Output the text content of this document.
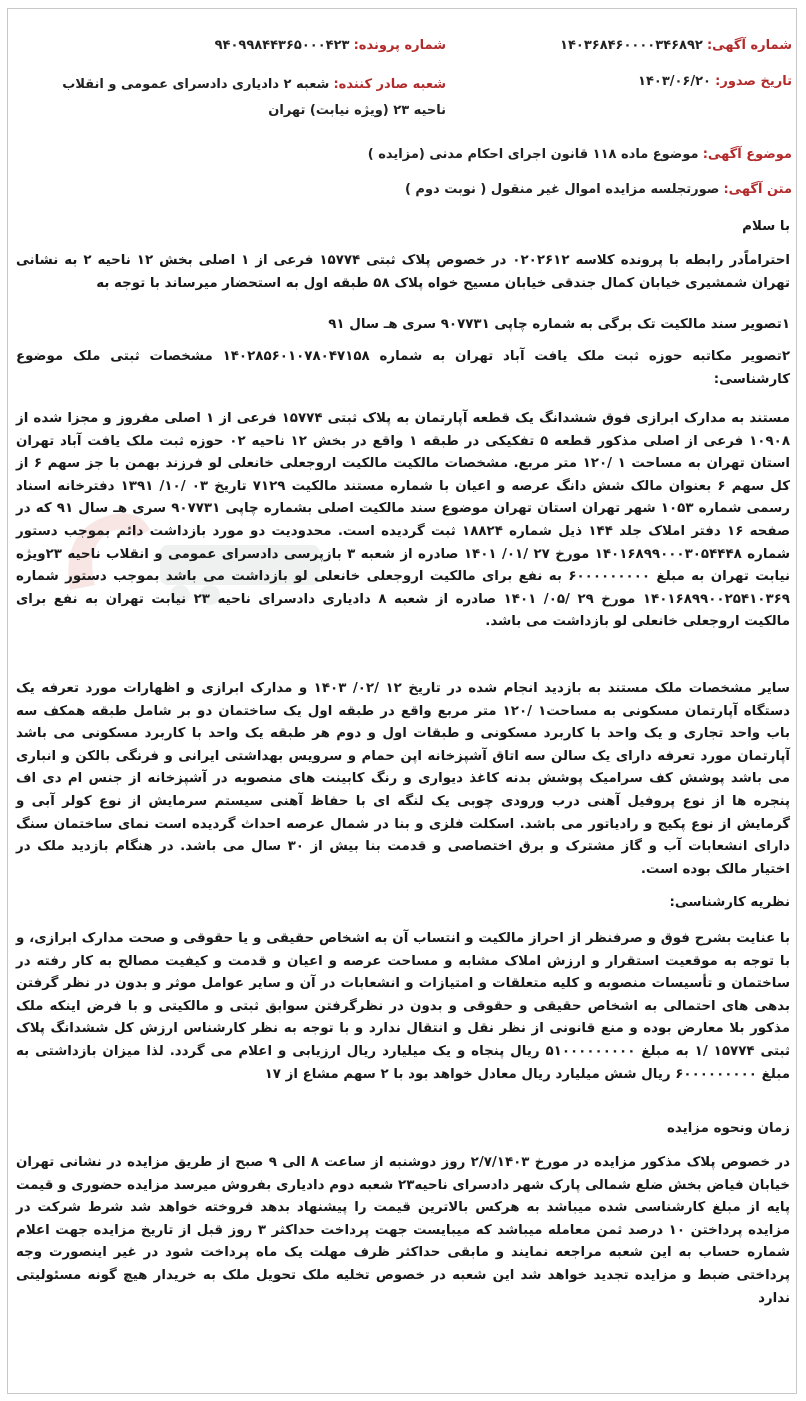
شماره آگهی: ۱۴۰۳۶۸۴۶۰۰۰۰۳۴۶۸۹۲
شماره پرونده: ۹۴۰۹۹۸۴۴۳۶۵۰۰۰۴۲۳
تاریخ صدور: ۱۴۰۳/۰۶/۲۰
شعبه صادر کننده: شعبه ۲ دادیاری دادسرای عمومی و انقلاب ناحیه ۲۳ (ویژه نیابت) تهران
موضوع آگهی: موضوع ماده ۱۱۸ قانون اجرای احکام مدنی (مزایده )
متن آگهی: صورتجلسه مزایده اموال غیر منقول ( نوبت دوم )

با سلام

احتراماًدر رابطه با پرونده کلاسه ۰۲۰۲۶۱۲ در خصوص پلاک ثبتی ۱۵۷۷۴ فرعی از ۱ اصلی بخش ۱۲ ناحیه ۲ به نشانی تهران شمشیری خیابان کمال جندقی خیابان مسیح خواه پلاک ۵۸ طبقه اول به استحضار میرساند با توجه به

۱تصویر سند مالکیت تک برگی به شماره چاپی ۹۰۷۷۳۱ سری هـ سال ۹۱

۲تصویر مکاتبه حوزه ثبت ملک یافت آباد تهران به شماره ۱۴۰۲۸۵۶۰۱۰۷۸۰۴۷۱۵۸ مشخصات ثبتی ملک موضوع کارشناسی:

مستند به مدارک ابرازی فوق ششدانگ یک قطعه آپارتمان به پلاک ثبتی ۱۵۷۷۴ فرعی از ۱ اصلی مفروز و مجزا شده از ۱۰۹۰۸ فرعی از اصلی مذکور قطعه ۵ تفکیکی در طبقه ۱ واقع در بخش ۱۲ ناحیه ۰۲ حوزه ثبت ملک یافت آباد تهران استان تهران به مساحت ۱ /۱۲۰ متر مربع. مشخصات مالکیت مالکیت اروجعلی خانعلی لو فرزند بهمن با جز سهم ۶ از کل سهم ۶ بعنوان مالک شش دانگ عرصه و اعیان با شماره مستند مالکیت ۷۱۲۹ تاریخ ۰۳ /۱۰/ ۱۳۹۱ دفترخانه اسناد رسمی شماره ۱۰۵۳ شهر تهران استان تهران موضوع سند مالکیت اصلی بشماره چاپی ۹۰۷۷۳۱ سری هـ سال ۹۱ که در صفحه ۱۶ دفتر املاک جلد ۱۴۴ ذیل شماره ۱۸۸۲۴ ثبت گردیده است. محدودیت دو مورد بازداشت دائم بموجب دستور شماره ۱۴۰۱۶۸۹۹۰۰۰۳۰۵۴۴۴۸ مورخ ۲۷ /۰۱/ ۱۴۰۱ صادره از شعبه ۳ بازپرسی دادسرای عمومی و انقلاب ناحیه ۲۳ویژه نیابت تهران به مبلغ ۶۰۰۰۰۰۰۰۰۰ به نفع برای مالکیت اروجعلی خانعلی لو بازداشت می باشد بموجب دستور شماره ۱۴۰۱۶۸۹۹۰۰۲۵۴۱۰۳۶۹ مورخ ۲۹ /۰۵/ ۱۴۰۱ صادره از شعبه ۸ دادیاری دادسرای ناحیه ۲۳ نیابت تهران به نفع برای مالکیت اروجعلی خانعلی لو بازداشت می باشد.

سایر مشخصات ملک مستند به بازدید انجام شده در تاریخ ۱۲ /۰۲/ ۱۴۰۳ و مدارک ابرازی و اظهارات مورد تعرفه یک دستگاه آپارتمان مسکونی به مساحت۱ /۱۲۰ متر مربع واقع در طبقه اول یک ساختمان دو بر شامل طبقه همکف سه باب واحد تجاری و یک واحد با کاربرد مسکونی و طبقات اول و دوم هر طبقه یک واحد با کاربرد مسکونی می باشد آپارتمان مورد تعرفه دارای یک سالن سه اتاق آشپزخانه اپن حمام و سرویس بهداشتی ایرانی و فرنگی بالکن و انباری می باشد پوشش کف سرامیک پوشش بدنه کاغذ دیواری و رنگ کابینت های منصوبه در آشپزخانه از جنس ام دی اف پنجره ها از نوع پروفیل آهنی درب ورودی چوبی یک لنگه ای با حفاظ آهنی سیستم سرمایش از نوع کولر آبی و گرمایش از نوع پکیج و رادیاتور می باشد. اسکلت فلزی و بنا در شمال عرصه احداث گردیده است نمای ساختمان سنگ دارای انشعابات آب و گاز مشترک و برق اختصاصی و قدمت بنا بیش از ۳۰ سال می باشد. در هنگام بازدید ملک در اختیار مالک بوده است.

نظریه کارشناسی:

با عنایت بشرح فوق و صرفنظر از احراز مالکیت و انتساب آن به اشخاص حقیقی و یا حقوقی و صحت مدارک ابرازی، و با توجه به موقعیت استقرار و ارزش املاک مشابه و مساحت عرصه و اعیان و قدمت و کیفیت مصالح به کار رفته در ساختمان و تأسیسات منصوبه و کلیه متعلقات و امتیازات و انشعابات در آن و سایر عوامل موثر و بدون در نظر گرفتن بدهی های احتمالی به اشخاص حقیقی و حقوقی و بدون در نظرگرفتن سوابق ثبتی و مالکیتی و با فرض اینکه ملک مذکور بلا معارض بوده و منع قانونی از نظر نقل و انتقال ندارد و با توجه به نظر کارشناس ارزش کل ششدانگ پلاک ثبتی ۱۵۷۷۴ /۱ به مبلغ ۵۱۰۰۰۰۰۰۰۰۰ ریال پنجاه و یک میلیارد ریال ارزیابی و اعلام می گردد. لذا میزان بازداشتی به مبلغ ۶۰۰۰۰۰۰۰۰۰ ریال شش میلیارد ریال معادل خواهد بود با ۲ سهم مشاع از ۱۷

زمان ونحوه مزایده

در خصوص پلاک مذکور مزایده در مورخ ۲/۷/۱۴۰۳ روز دوشنبه از ساعت ۸ الی ۹ صبح از طریق مزایده در نشانی تهران خیابان فیاض بخش ضلع شمالی پارک شهر دادسرای ناحیه۲۳ شعبه دوم دادیاری بفروش میرسد مزایده حضوری و قیمت پایه از مبلغ کارشناسی شده میباشد به هرکس بالاترین قیمت را پیشنهاد بدهد فروخته خواهد شد شرط شرکت در مزایده پرداختن ۱۰ درصد ثمن معامله میباشد که میبایست جهت پرداخت حداکثر ۳ روز قبل از تاریخ مزایده جهت اعلام شماره حساب به این شعبه مراجعه نمایند و مابقی حداکثر ظرف مهلت یک ماه پرداخت شود در غیر اینصورت وجه پرداختی ضبط و مزایده تجدید خواهد شد این شعبه در خصوص تخلیه ملک تحویل ملک به خریدار هیچ گونه مسئولیتی ندارد
